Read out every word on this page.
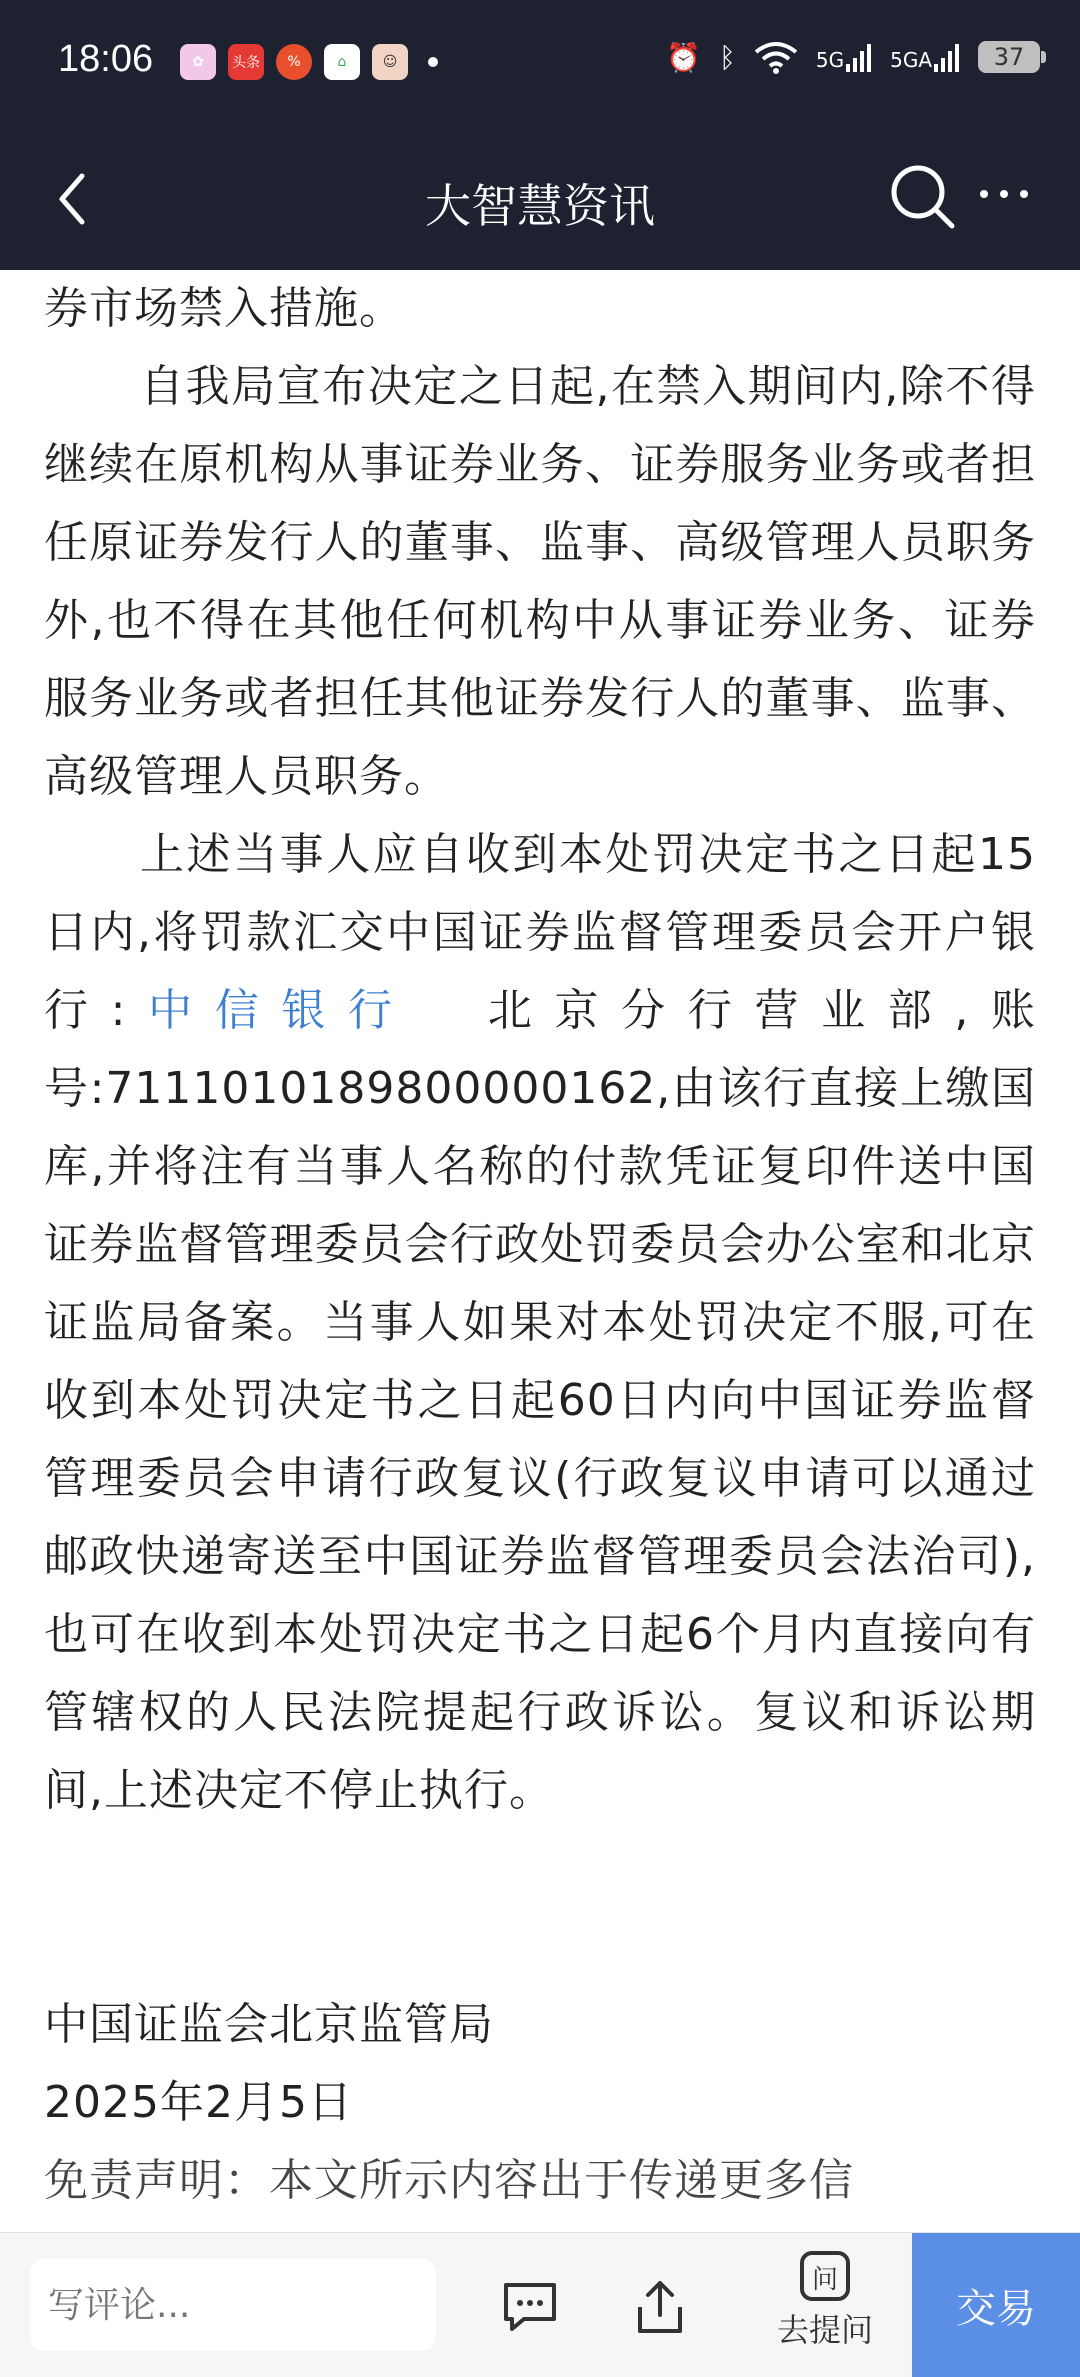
18:06	✿	头条	%	⌂	☺	⏰ ᛒ	5G 5GA	37
大智慧资讯

券市场禁入措施。

自我局宣布决定之日起,在禁入期间内,除不得继续在原机构从事证券业务、证券服务业务或者担任原证券发行人的董事、监事、高级管理人员职务外,也不得在其他任何机构中从事证券业务、证券服务业务或者担任其他证券发行人的董事、监事、高级管理人员职务。

上述当事人应自收到本处罚决定书之日起15日内,将罚款汇交中国证券监督管理委员会开户银行:中信银行 北京分行营业部,账号:7111010189800000162,由该行直接上缴国库,并将注有当事人名称的付款凭证复印件送中国证券监督管理委员会行政处罚委员会办公室和北京证监局备案。当事人如果对本处罚决定不服,可在收到本处罚决定书之日起60日内向中国证券监督管理委员会申请行政复议(行政复议申请可以通过邮政快递寄送至中国证券监督管理委员会法治司),也可在收到本处罚决定书之日起6个月内直接向有管辖权的人民法院提起行政诉讼。复议和诉讼期间,上述决定不停止执行。

中国证监会北京监管局

2025年2月5日

免责声明：本文所示内容出于传递更多信

写评论...
问
去提问	交易
